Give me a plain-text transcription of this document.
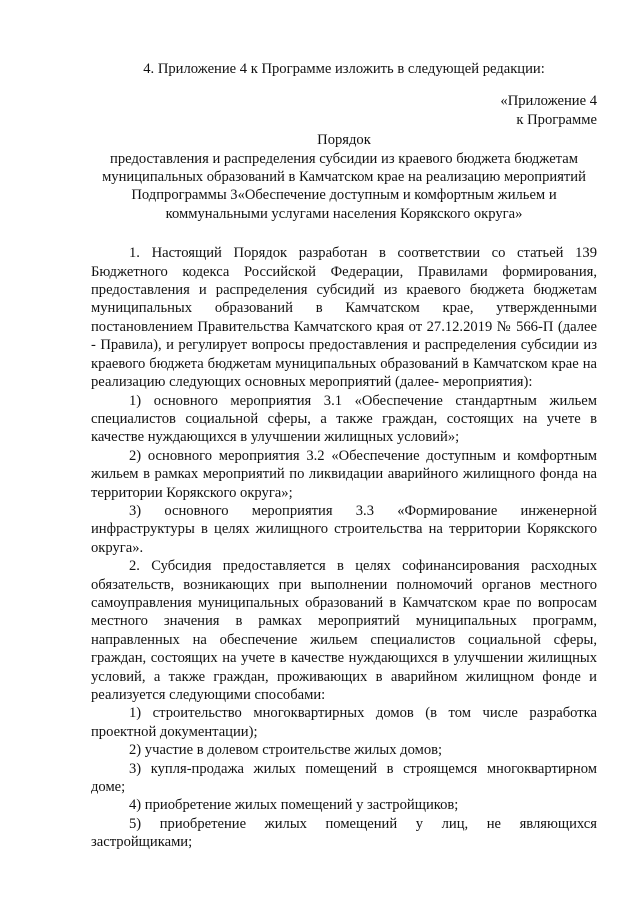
4. Приложение 4 к Программе изложить в следующей редакции:

«Приложение 4
к Программе
Порядок
предоставления и распределения субсидии из краевого бюджета бюджетам
муниципальных образований в Камчатском крае на реализацию мероприятий
Подпрограммы 3«Обеспечение доступным и комфортным жильем и
коммунальными услугами населения Корякского округа»

1. Настоящий Порядок разработан в соответствии со статьей 139 Бюджетного кодекса Российской Федерации, Правилами формирования, предоставления и распределения субсидий из краевого бюджета бюджетам муниципальных образований в Камчатском крае, утвержденными постановлением Правительства Камчатского края от 27.12.2019 № 566-П (далее - Правила), и регулирует вопросы предоставления и распределения субсидии из краевого бюджета бюджетам муниципальных образований в Камчатском крае на реализацию следующих основных мероприятий (далее- мероприятия):

1) основного мероприятия 3.1 «Обеспечение стандартным жильем специалистов социальной сферы, а также граждан, состоящих на учете в качестве нуждающихся в улучшении жилищных условий»;

2) основного мероприятия 3.2 «Обеспечение доступным и комфортным жильем в рамках мероприятий по ликвидации аварийного жилищного фонда на территории Корякского округа»;

3) основного мероприятия 3.3 «Формирование инженерной инфраструктуры в целях жилищного строительства на территории Корякского округа».

2. Субсидия предоставляется в целях софинансирования расходных обязательств, возникающих при выполнении полномочий органов местного самоуправления муниципальных образований в Камчатском крае по вопросам местного значения в рамках мероприятий муниципальных программ, направленных на обеспечение жильем специалистов социальной сферы, граждан, состоящих на учете в качестве нуждающихся в улучшении жилищных условий, а также граждан, проживающих в аварийном жилищном фонде и реализуется следующими способами:

1) строительство многоквартирных домов (в том числе разработка проектной документации);

2) участие в долевом строительстве жилых домов;

3) купля-продажа жилых помещений в строящемся многоквартирном доме;

4) приобретение жилых помещений у застройщиков;

5) приобретение жилых помещений у лиц, не являющихся застройщиками;
